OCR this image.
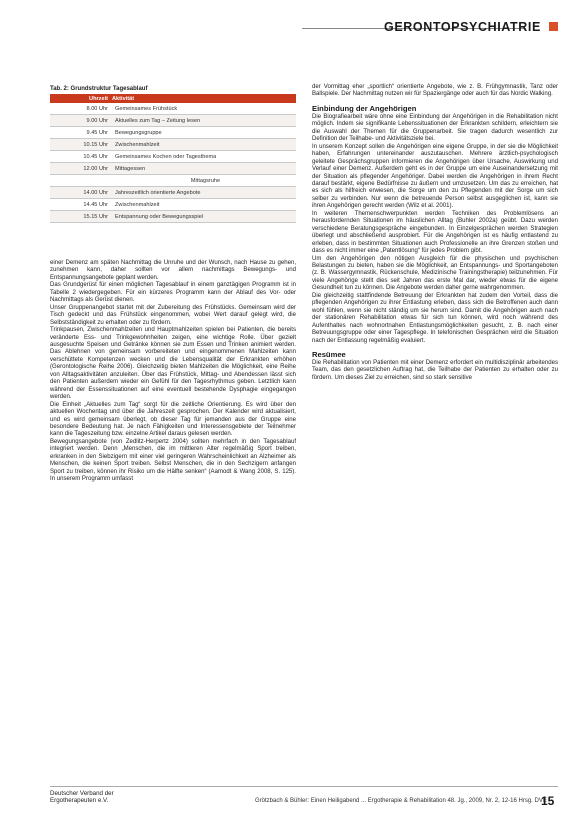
GERONTOPSYCHIATRIE
Tab. 2: Grundstruktur Tagesablauf
Uhrzeit	Aktivität
8.00 Uhr	Gemeinsames Frühstück
9.00 Uhr	Aktuelles zum Tag – Zeitung lesen
9.45 Uhr	Bewegungsgruppe
10.15 Uhr	Zwischenmahlzeit
10.45 Uhr	Gemeinsames Kochen oder Tagesthema
12.00 Uhr	Mittagessen
	Mittagsruhe
14.00 Uhr	Jahreszeitlich orientierte Angebote
14.45 Uhr	Zwischenmahlzeit
15.15 Uhr	Entspannung oder Bewegungsspiel

einer Demenz am späten Nachmittag die Unruhe und der Wunsch, nach Hause zu gehen, zunehmen kann, daher sollten vor allem nachmittags Bewegungs- und Entspannungsangebote geplant werden.

Das Grundgerüst für einen möglichen Tagesablauf in einem ganztägigen Programm ist in Tabelle 2 wiedergegeben. Für ein kürzeres Programm kann der Ablauf des Vor- oder Nachmittags als Gerüst dienen.

Unser Gruppenangebot startet mit der Zubereitung des Frühstücks. Gemeinsam wird der Tisch gedeckt und das Frühstück eingenommen, wobei Wert darauf gelegt wird, die Selbstständigkeit zu erhalten oder zu fördern.

Trinkpausen, Zwischenmahlzeiten und Hauptmahlzeiten spielen bei Patienten, die bereits veränderte Ess- und Trinkgewohnheiten zeigen, eine wichtige Rolle. Über gezielt ausgesuchte Speisen und Getränke können sie zum Essen und Trinken animiert werden. Das Ablehnen von gemeinsam vorbereiteten und eingenommenen Mahlzeiten kann verschüttete Kompetenzen wecken und die Lebensqualität der Erkrankten erhöhen (Gerontologische Reihe 2006). Gleichzeitig bieten Mahlzeiten die Möglichkeit, eine Reihe von Alltagsaktivitäten anzuleiten. Über das Frühstück, Mittag- und Abendessen lässt sich den Patienten außerdem wieder ein Gefühl für den Tagesrhythmus geben. Letztlich kann während der Essenssituationen auf eine eventuell bestehende Dysphagie eingegangen werden.

Die Einheit „Aktuelles zum Tag“ sorgt für die zeitliche Orientierung. Es wird über den aktuellen Wochentag und über die Jahreszeit gesprochen. Der Kalender wird aktualisiert, und es wird gemeinsam überlegt, ob dieser Tag für jemanden aus der Gruppe eine besondere Bedeutung hat. Je nach Fähigkeiten und Interessensgebiete der Teilnehmer kann die Tageszeitung bzw. einzelne Artikel daraus gelesen werden.

Bewegungsangebote (von Zedlitz-Herpertz 2004) sollten mehrfach in den Tagesablauf integriert werden. Denn „Menschen, die im mittleren Alter regelmäßig Sport treiben, erkranken in den Siebzigern mit einer viel geringeren Wahrscheinlichkeit an Alzheimer als Menschen, die keinen Sport treiben. Selbst Menschen, die in den Sechzigern anfangen Sport zu treiben, können ihr Risiko um die Hälfte senken“ (Aamodt & Wang 2008, S. 125). In unserem Programm umfasst

der Vormittag eher „sportlich“ orientierte Angebote, wie z. B. Frühgymnastik, Tanz oder Ballspiele. Der Nachmittag nutzen wir für Spaziergänge oder auch für das Nordic Walking.

Einbindung der Angehörigen

Die Biografiearbeit wäre ohne eine Einbindung der Angehörigen in die Rehabilitation nicht möglich. Indem sie signifikante Lebenssituationen der Erkrankten schildern, erleichtern sie die Auswahl der Themen für die Gruppenarbeit. Sie tragen dadurch wesentlich zur Definition der Teilhabe- und Aktivitätsziele bei.

In unserem Konzept sollen die Angehörigen eine eigene Gruppe, in der sie die Möglichkeit haben, Erfahrungen untereinander auszutauschen. Mehrere ärztlich-psychologisch geleitete Gesprächsgruppen informieren die Angehörigen über Ursache, Auswirkung und Verlauf einer Demenz. Außerdem geht es in der Gruppe um eine Auseinandersetzung mit der Situation als pflegender Angehöriger. Dabei werden die Angehörigen in ihrem Recht darauf bestärkt, eigene Bedürfnisse zu äußern und umzusetzen. Um das zu erreichen, hat es sich als hilfreich erwiesen, die Sorge um den zu Pflegenden mit der Sorge um sich selber zu verbinden. Nur wenn die betreuende Person selbst ausgeglichen ist, kann sie ihren Angehörigen gerecht werden (Wilz et al. 2001).

In weiteren Themenschwerpunkten werden Techniken des Problemlösens an herausfordernden Situationen im häuslichen Alltag (Buhler 2002a) geübt. Dazu werden verschiedene Beratungsgespräche eingebunden. In Einzelgesprächen werden Strategien überlegt und abschließend ausprobiert. Für die Angehörigen ist es häufig entlastend zu erleben, dass in bestimmten Situationen auch Professionelle an ihre Grenzen stoßen und dass es nicht immer eine „Patentlösung“ für jedes Problem gibt.

Um den Angehörigen den nötigen Ausgleich für die physischen und psychischen Belastungen zu bieten, haben sie die Möglichkeit, an Entspannungs- und Sportangeboten (z. B. Wassergymnastik, Rückenschule, Medizinische Trainingstherapie) teilzunehmen. Für viele Angehörige stellt dies seit Jahren das erste Mal dar, wieder etwas für die eigene Gesundheit tun zu können. Die Angebote werden daher gerne wahrgenommen.

Die gleichzeitig stattfindende Betreuung der Erkrankten hat zudem den Vorteil, dass die pflegenden Angehörigen zu ihrer Entlastung erleben, dass sich die Betroffenen auch dann wohl fühlen, wenn sie nicht ständig um sie herum sind. Damit die Angehörigen auch nach der stationären Rehabilitation etwas für sich tun können, wird noch während des Aufenthaltes nach wohnortnahen Entlastungsmöglichkeiten gesucht, z. B. nach einer Betreuungsgruppe oder einer Tagespflege. In telefonischen Gesprächen wird die Situation nach der Entlassung regelmäßig evaluiert.

Resümee

Die Rehabilitation von Patienten mit einer Demenz erfordert ein multidisziplinär arbeitendes Team, das den gesetzlichen Auftrag hat, die Teilhabe der Patienten zu erhalten oder zu fördern. Um dieses Ziel zu erreichen, sind so stark sensitive

Deutscher Verband der
Ergotherapeuten e.V.	Grötzbach & Bühler: Einen Heiligabend ... Ergotherapie & Rehabilitation 48. Jg., 2009, Nr. 2, 12-16 Hrsg. DVE
15
